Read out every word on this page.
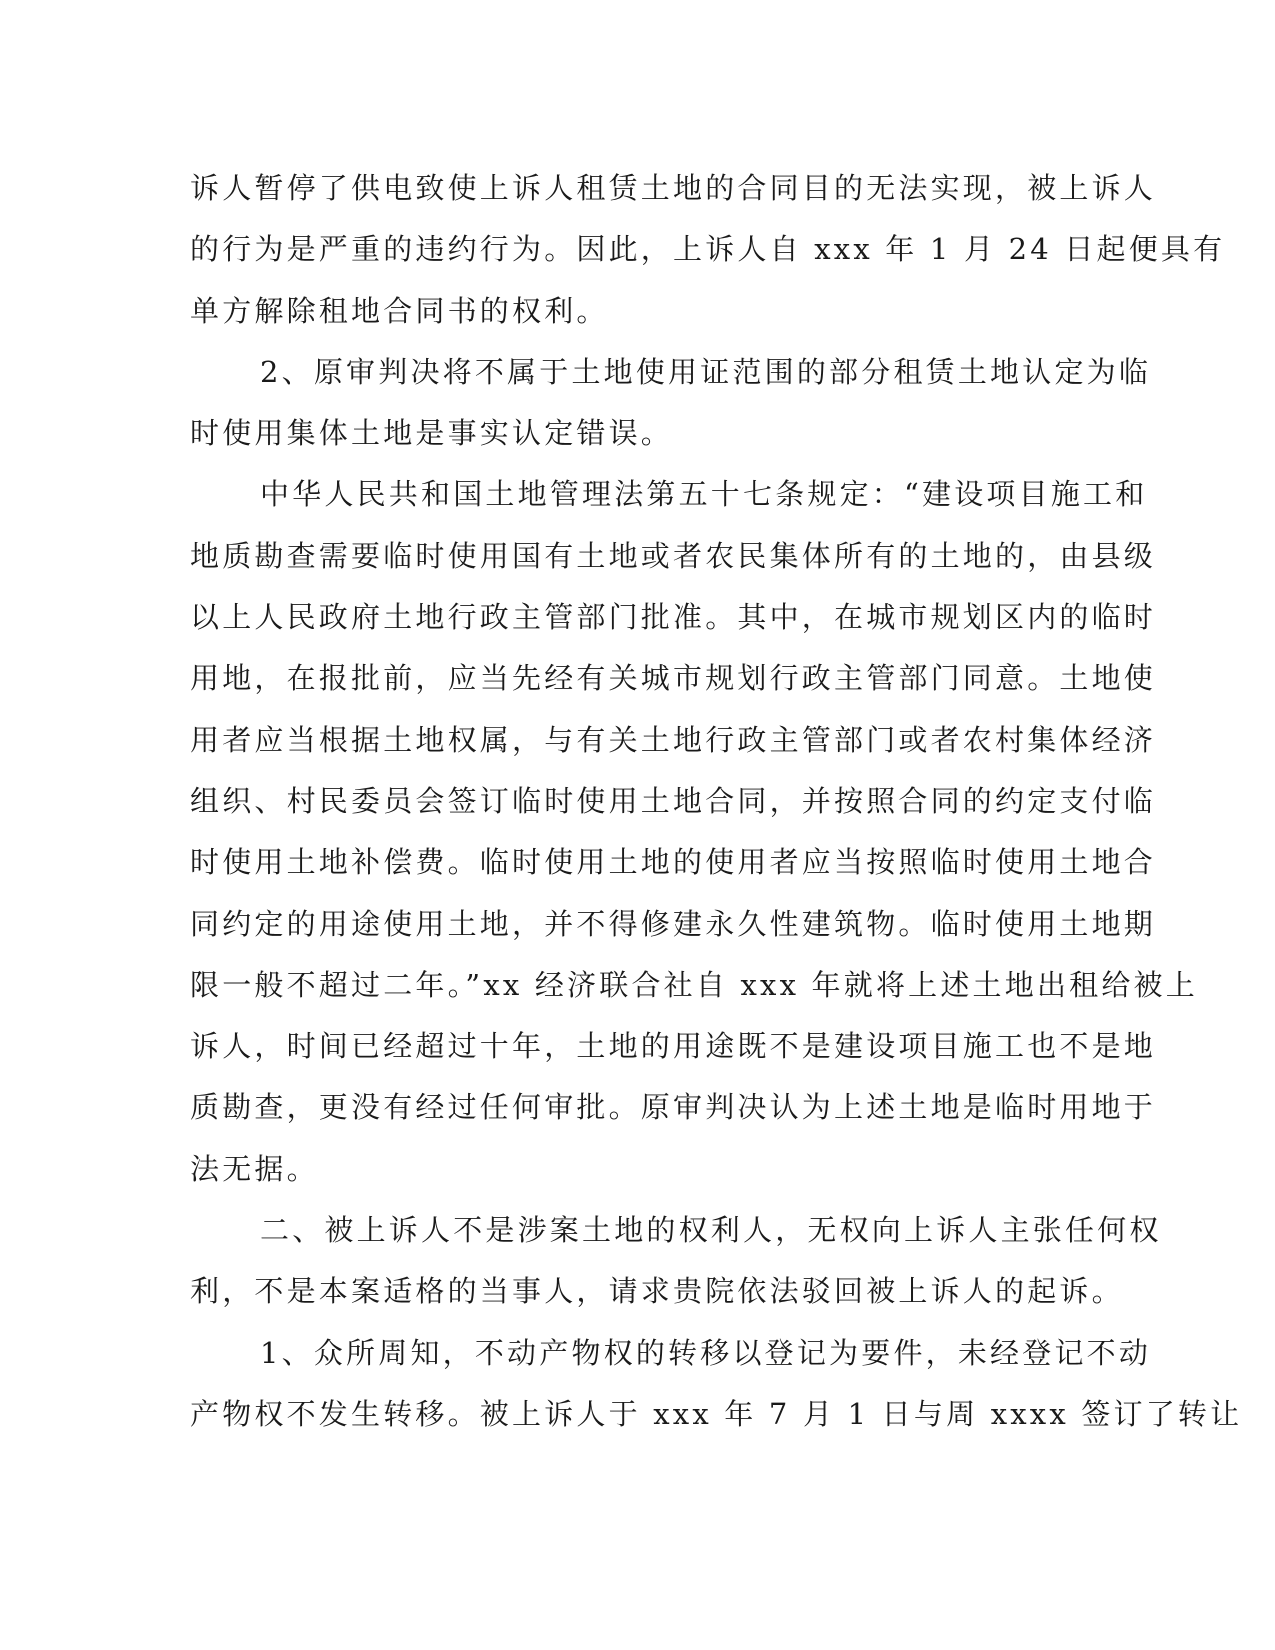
诉人暂停了供电致使上诉人租赁土地的合同目的无法实现，被上诉人
的行为是严重的违约行为。因此，上诉人自 xxx 年 1 月 24 日起便具有
单方解除租地合同书的权利。
2、原审判决将不属于土地使用证范围的部分租赁土地认定为临
时使用集体土地是事实认定错误。
中华人民共和国土地管理法第五十七条规定：“建设项目施工和
地质勘查需要临时使用国有土地或者农民集体所有的土地的，由县级
以上人民政府土地行政主管部门批准。其中，在城市规划区内的临时
用地，在报批前，应当先经有关城市规划行政主管部门同意。土地使
用者应当根据土地权属，与有关土地行政主管部门或者农村集体经济
组织、村民委员会签订临时使用土地合同，并按照合同的约定支付临
时使用土地补偿费。临时使用土地的使用者应当按照临时使用土地合
同约定的用途使用土地，并不得修建永久性建筑物。临时使用土地期
限一般不超过二年。”xx 经济联合社自 xxx 年就将上述土地出租给被上
诉人，时间已经超过十年，土地的用途既不是建设项目施工也不是地
质勘查，更没有经过任何审批。原审判决认为上述土地是临时用地于
法无据。
二、被上诉人不是涉案土地的权利人，无权向上诉人主张任何权
利，不是本案适格的当事人，请求贵院依法驳回被上诉人的起诉。
1、众所周知，不动产物权的转移以登记为要件，未经登记不动
产物权不发生转移。被上诉人于 xxx 年 7 月 1 日与周 xxxx 签订了转让
